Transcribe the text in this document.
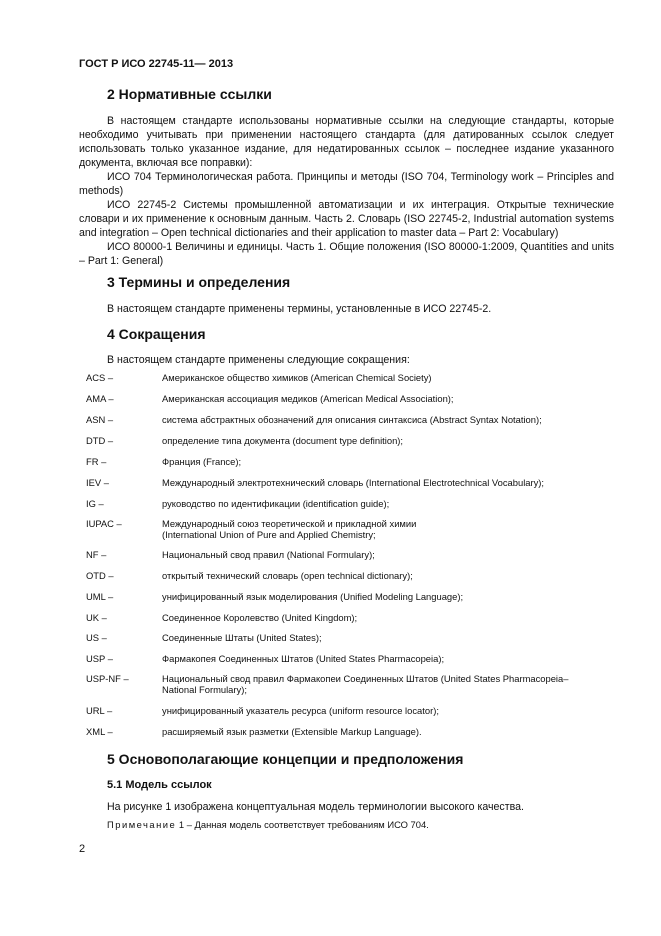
ГОСТ Р ИСО 22745-11— 2013
2 Нормативные ссылки

В настоящем стандарте использованы нормативные ссылки на следующие стандарты, которые необходимо учитывать при применении настоящего стандарта (для датированных ссылок следует использовать только указанное издание, для недатированных ссылок – последнее издание указанного документа, включая все поправки):

ИСО 704 Терминологическая работа. Принципы и методы (ISO 704, Terminology work – Principles and methods)

ИСО 22745-2 Системы промышленной автоматизации и их интеграция. Открытые технические словари и их применение к основным данным. Часть 2. Словарь (ISO 22745-2, Industrial automation systems and integration – Open technical dictionaries and their application to master data – Part 2: Vocabulary)

ИСО 80000-1 Величины и единицы. Часть 1. Общие положения (ISO 80000-1:2009, Quantities and units – Part 1: General)

3 Термины и определения

В настоящем стандарте применены термины, установленные в ИСО 22745-2.

4 Сокращения

В настоящем стандарте применены следующие сокращения:

ACS –	Американское общество химиков (American Chemical Society)
AMA –	Американская ассоциация медиков (American Medical Association);
ASN –	система абстрактных обозначений для описания синтаксиса (Abstract Syntax Notation);
DTD –	определение типа документа (document type definition);
FR –	Франция (France);
IEV –	Международный электротехнический словарь (International Electrotechnical Vocabulary);
IG –	руководство по идентификации (identification guide);
IUPAC –	Международный союз теоретической и прикладной химии
(International Union of Pure and Applied Chemistry;
NF –	Национальный свод правил (National Formulary);
OTD –	открытый технический словарь (open technical dictionary);
UML –	унифицированный язык моделирования (Unified Modeling Language);
UK –	Соединенное Королевство (United Kingdom);
US –	Соединенные Штаты (United States);
USP –	Фармакопея Соединенных Штатов (United States Pharmacopeia);
USP-NF –	Национальный свод правил Фармакопеи Соединенных Штатов (United States Pharmacopeia–
National Formulary);
URL –	унифицированный указатель ресурса (uniform resource locator);
XML –	расширяемый язык разметки (Extensible Markup Language).
5 Основополагающие концепции и предположения
5.1 Модель ссылок
На рисунке 1 изображена концептуальная модель терминологии высокого качества.
Примечание 1 – Данная модель соответствует требованиям ИСО 704.
2
